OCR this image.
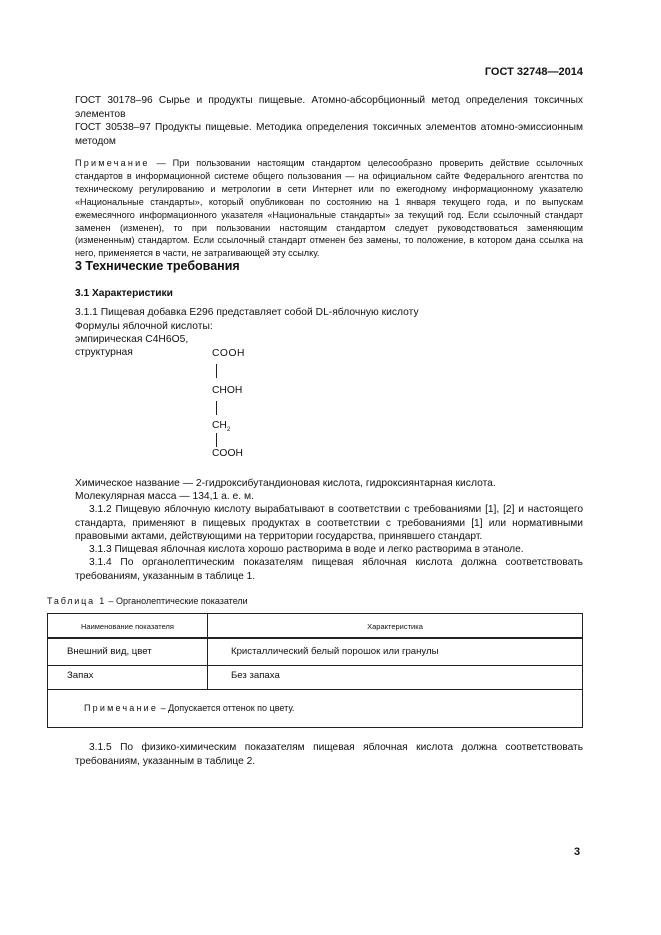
ГОСТ 32748—2014
ГОСТ 30178–96 Сырье и продукты пищевые. Атомно-абсорбционный метод определения токсичных элементов
ГОСТ 30538–97 Продукты пищевые. Методика определения токсичных элементов атомно-эмиссионным методом
Примечание — При пользовании настоящим стандартом целесообразно проверить действие ссылочных стандартов в информационной системе общего пользования — на официальном сайте Федерального агентства по техническому регулированию и метрологии в сети Интернет или по ежегодному информационному указателю «Национальные стандарты», который опубликован по состоянию на 1 января текущего года, и по выпускам ежемесячного информационного указателя «Национальные стандарты» за текущий год. Если ссылочный стандарт заменен (изменен), то при пользовании настоящим стандартом следует руководствоваться заменяющим (измененным) стандартом. Если ссылочный стандарт отменен без замены, то положение, в котором дана ссылка на него, применяется в части, не затрагивающей эту ссылку.
3 Технические требования
3.1 Характеристики
3.1.1 Пищевая добавка Е296 представляет собой DL-яблочную кислоту
Формулы яблочной кислоты:
эмпирическая С4Н6О5,
структурная	COOH
CHOH
$CH_2$
COOH
Химическое название — 2-гидроксибутандионовая кислота, гидроксиянтарная кислота.
Молекулярная масса — 134,1 а. е. м.
3.1.2 Пищевую яблочную кислоту вырабатывают в соответствии с требованиями [1], [2] и настоящего стандарта, применяют в пищевых продуктах в соответствии с требованиями [1] или нормативными правовыми актами, действующими на территории государства, принявшего стандарт.
3.1.3 Пищевая яблочная кислота хорошо растворима в воде и легко растворима в этаноле.
3.1.4 По органолептическим показателям пищевая яблочная кислота должна соответствовать требованиям, указанным в таблице 1.
Таблица 1 – Органолептические показатели
Наименование показателя	Характеристика
Внешний вид, цвет	Кристаллический белый порошок или гранулы
Запах	Без запаха
Примечание – Допускается оттенок по цвету.
3.1.5 По физико-химическим показателям пищевая яблочная кислота должна соответствовать требованиям, указанным в таблице 2.
3
